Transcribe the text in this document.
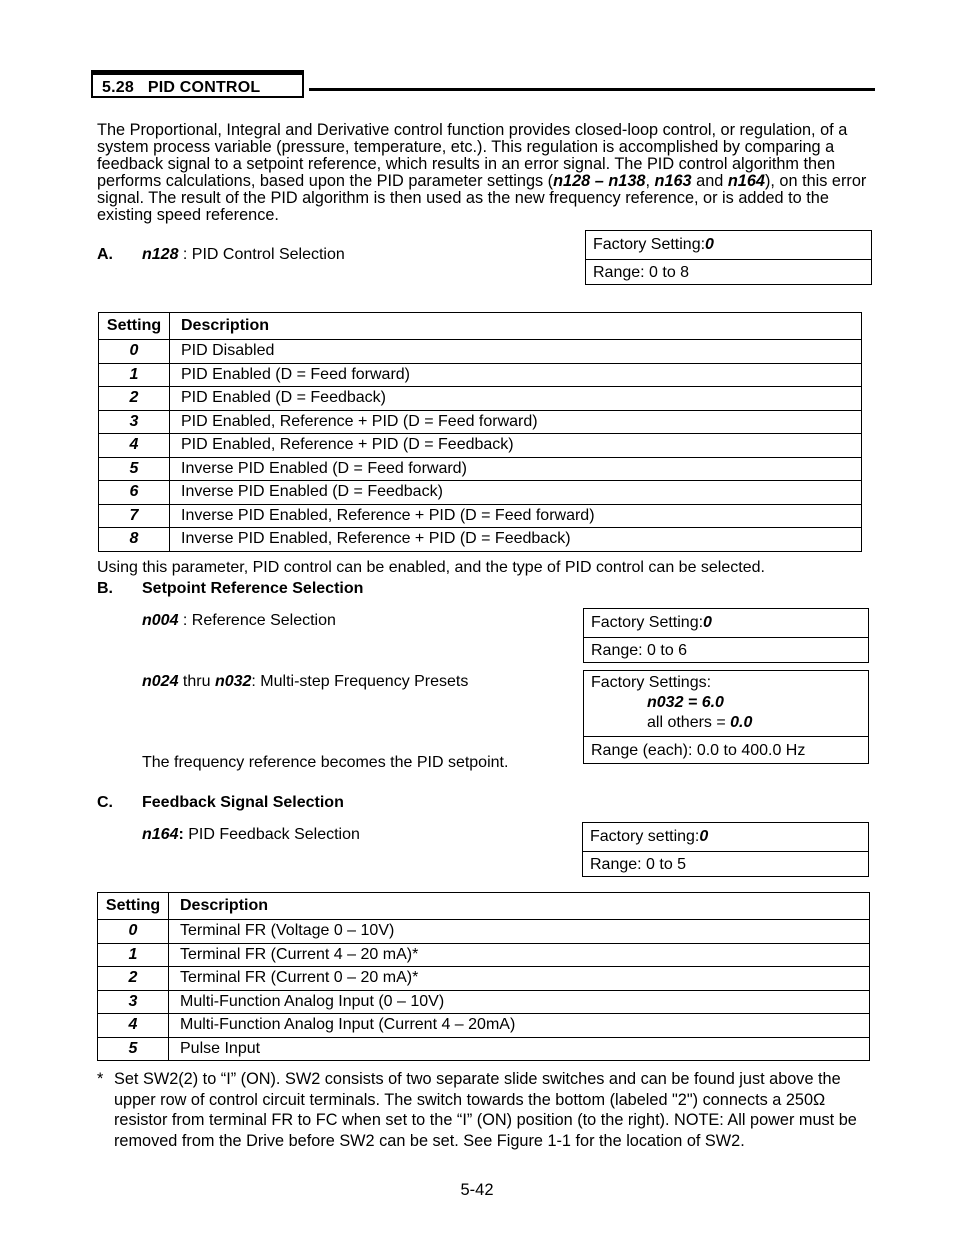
5.28 PID CONTROL
The Proportional, Integral and Derivative control function provides closed-loop control, or regulation, of a system process variable (pressure, temperature, etc.). This regulation is accomplished by comparing a feedback signal to a setpoint reference, which results in an error signal. The PID control algorithm then performs calculations, based upon the PID parameter settings (n128 – n138, n163 and n164), on this error signal. The result of the PID algorithm is then used as the new frequency reference, or is added to the existing speed reference.
A. n128 : PID Control Selection
Factory Setting: 0
Range: 0 to 8
Setting	Description
0	PID Disabled
1	PID Enabled (D = Feed forward)
2	PID Enabled (D = Feedback)
3	PID Enabled, Reference + PID (D = Feed forward)
4	PID Enabled, Reference + PID (D = Feedback)
5	Inverse PID Enabled (D = Feed forward)
6	Inverse PID Enabled (D = Feedback)
7	Inverse PID Enabled, Reference + PID (D = Feed forward)
8	Inverse PID Enabled, Reference + PID (D = Feedback)
Using this parameter, PID control can be enabled, and the type of PID control can be selected.
B. Setpoint Reference Selection
n004 : Reference Selection	Factory Setting: 0
Range: 0 to 6
n024 thru n032: Multi-step Frequency Presets	Factory Settings:
n032 = 6.0
all others = 0.0
Range (each): 0.0 to 400.0 Hz
The frequency reference becomes the PID setpoint.
C. Feedback Signal Selection
n164: PID Feedback Selection	Factory setting: 0
Range: 0 to 5
Setting	Description
0	Terminal FR (Voltage 0 – 10V)
1	Terminal FR (Current 4 – 20 mA)*
2	Terminal FR (Current 0 – 20 mA)*
3	Multi-Function Analog Input (0 – 10V)
4	Multi-Function Analog Input (Current 4 – 20mA)
5	Pulse Input
* Set SW2(2) to “I” (ON). SW2 consists of two separate slide switches and can be found just above the upper row of control circuit terminals. The switch towards the bottom (labeled "2") connects a 250Ω resistor from terminal FR to FC when set to the “I” (ON) position (to the right). NOTE: All power must be removed from the Drive before SW2 can be set. See Figure 1-1 for the location of SW2.
5-42
